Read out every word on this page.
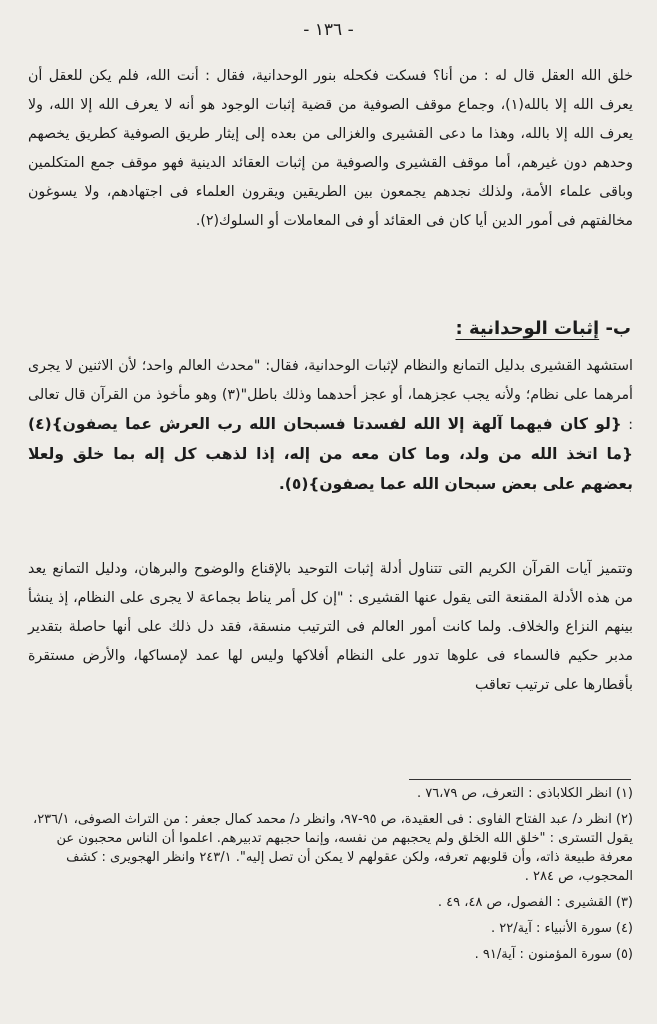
- ١٣٦ -
خلق الله العقل قال له : من أنا؟ فسكت فكحله بنور الوحدانية، فقال : أنت الله، فلم يكن للعقل أن يعرف الله إلا بالله(١)، وجماع موقف الصوفية من قضية إثبات الوجود هو أنه لا يعرف الله إلا الله، ولا يعرف الله إلا بالله، وهذا ما دعى القشيرى والغزالى من بعده إلى إيثار طريق الصوفية كطريق يخصهم وحدهم دون غيرهم، أما موقف القشيرى والصوفية من إثبات العقائد الدينية فهو موقف جمع المتكلمين وباقى علماء الأمة، ولذلك نجدهم يجمعون بين الطريقين ويقرون العلماء فى اجتهادهم، ولا يسوغون مخالفتهم فى أمور الدين أيا كان فى العقائد أو فى المعاملات أو السلوك(٢).
ب- إثبات الوحدانية :
استشهد القشيرى بدليل التمانع والنظام لإثبات الوحدانية، فقال: "محدث العالم واحد؛ لأن الاثنين لا يجرى أمرهما على نظام؛ ولأنه يجب عجزهما، أو عجز أحدهما وذلك باطل"(٣) وهو مأخوذ من القرآن قال تعالى : {لو كان فيهما آلهة إلا الله لفسدتا فسبحان الله رب العرش عما يصفون}(٤) {ما اتخذ الله من ولد، وما كان معه من إله، إذا لذهب كل إله بما خلق ولعلا بعضهم على بعض سبحان الله عما يصفون}(٥).
وتتميز آيات القرآن الكريم التى تتناول أدلة إثبات التوحيد بالإقناع والوضوح والبرهان، ودليل التمانع يعد من هذه الأدلة المقنعة التى يقول عنها القشيرى : "إن كل أمر يناط بجماعة لا يجرى على النظام، إذ ينشأ بينهم النزاع والخلاف. ولما كانت أمور العالم فى الترتيب منسقة، فقد دل ذلك على أنها حاصلة بتقدير مدبر حكيم فالسماء فى علوها تدور على النظام أفلاكها وليس لها عمد لإمساكها، والأرض مستقرة بأقطارها على ترتيب تعاقب
(١)انظر الكلاباذى : التعرف، ص ٧٦،٧٩ .
(٢)انظر د/ عبد الفتاح الفاوى : فى العقيدة، ص ٩٥-٩٧، وانظر د/ محمد كمال جعفر : من التراث الصوفى، ٢٣٦/١، يقول التسترى : "خلق الله الخلق ولم يحجبهم من نفسه، وإنما حجبهم تدبيرهم. اعلموا أن الناس محجبون عن معرفة طبيعة ذاته، وأن قلوبهم تعرفه، ولكن عقولهم لا يمكن أن تصل إليه". ٢٤٣/١ وانظر الهجويرى : كشف المحجوب، ص ٢٨٤ .
(٣)القشيرى : الفصول، ص ٤٨، ٤٩ .
(٤)سورة الأنبياء : آية/٢٢ .
(٥)سورة المؤمنون : آية/٩١ .
